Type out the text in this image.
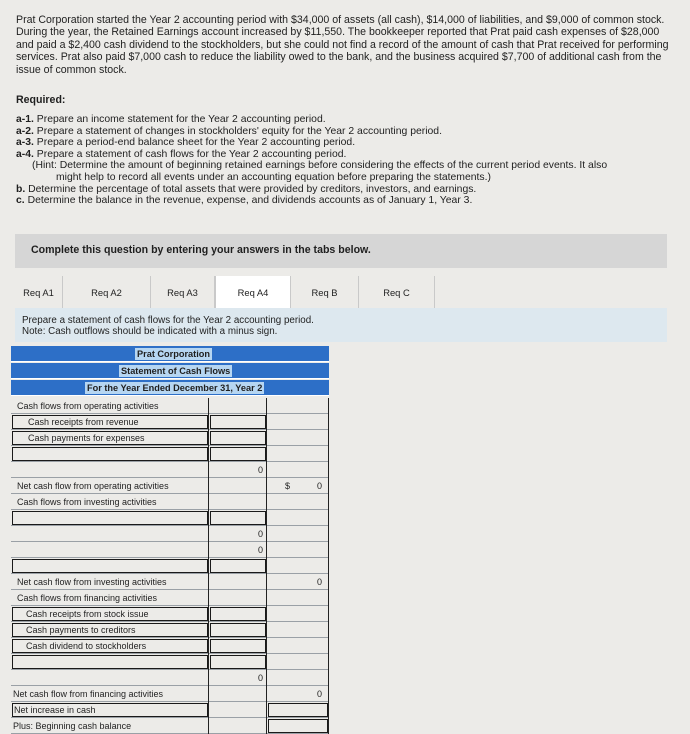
Prat Corporation started the Year 2 accounting period with $34,000 of assets (all cash), $14,000 of liabilities, and $9,000 of common stock. During the year, the Retained Earnings account increased by $11,550. The bookkeeper reported that Prat paid cash expenses of $28,000 and paid a $2,400 cash dividend to the stockholders, but she could not find a record of the amount of cash that Prat received for performing services. Prat also paid $7,000 cash to reduce the liability owed to the bank, and the business acquired $7,700 of additional cash from the issue of common stock.

Required:
a-1. Prepare an income statement for the Year 2 accounting period.
a-2. Prepare a statement of changes in stockholders' equity for the Year 2 accounting period.
a-3. Prepare a period-end balance sheet for the Year 2 accounting period.
a-4. Prepare a statement of cash flows for the Year 2 accounting period.
(Hint: Determine the amount of beginning retained earnings before considering the effects of the current period events. It also
might help to record all events under an accounting equation before preparing the statements.)
b. Determine the percentage of total assets that were provided by creditors, investors, and earnings.
c. Determine the balance in the revenue, expense, and dividends accounts as of January 1, Year 3.
Complete this question by entering your answers in the tabs below.
Req A1	Req A2	Req A3	Req A4	Req B	Req C
Prepare a statement of cash flows for the Year 2 accounting period.
Note: Cash outflows should be indicated with a minus sign.
Prat Corporation
Statement of Cash Flows
For the Year Ended December 31, Year 2
Cash flows from operating activities
Cash receipts from revenue
Cash payments for expenses
0
Net cash flow from operating activities	$	0
Cash flows from investing activities
0
0
Net cash flow from investing activities	0
Cash flows from financing activities
Cash receipts from stock issue
Cash payments to creditors
Cash dividend to stockholders
0
Net cash flow from financing activities	0
Net increase in cash
Plus: Beginning cash balance
